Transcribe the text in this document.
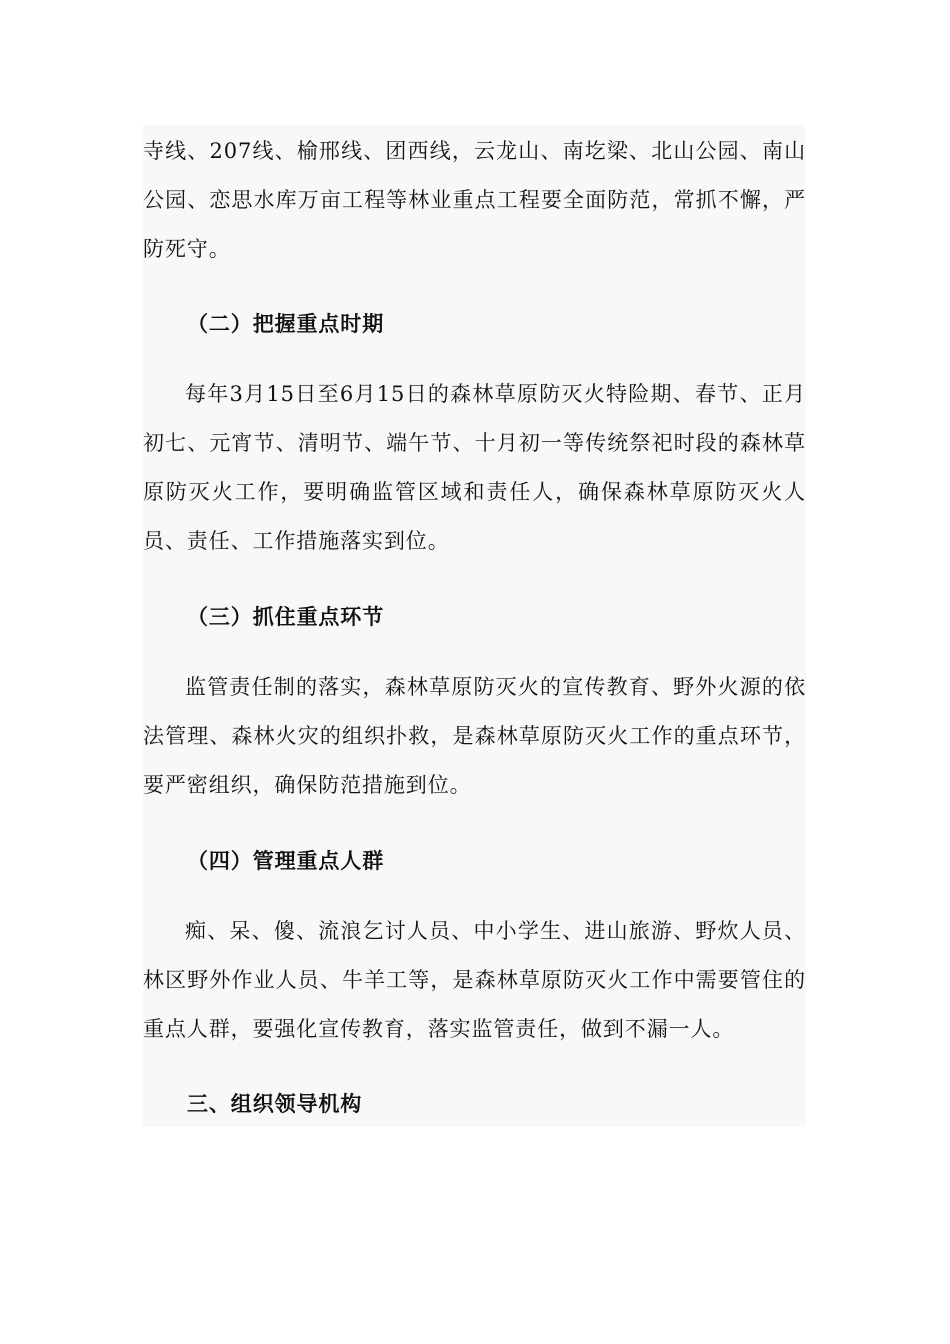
寺线、207线、榆邢线、团西线，云龙山、南圪梁、北山公园、南山公园、恋思水库万亩工程等林业重点工程要全面防范，常抓不懈，严防死守。

（二）把握重点时期

每年3月15日至6月15日的森林草原防灭火特险期、春节、正月初七、元宵节、清明节、端午节、十月初一等传统祭祀时段的森林草原防灭火工作，要明确监管区域和责任人，确保森林草原防灭火人员、责任、工作措施落实到位。

（三）抓住重点环节

监管责任制的落实，森林草原防灭火的宣传教育、野外火源的依法管理、森林火灾的组织扑救，是森林草原防灭火工作的重点环节，要严密组织，确保防范措施到位。

（四）管理重点人群

痴、呆、傻、流浪乞讨人员、中小学生、进山旅游、野炊人员、林区野外作业人员、牛羊工等，是森林草原防灭火工作中需要管住的重点人群，要强化宣传教育，落实监管责任，做到不漏一人。

三、组织领导机构
